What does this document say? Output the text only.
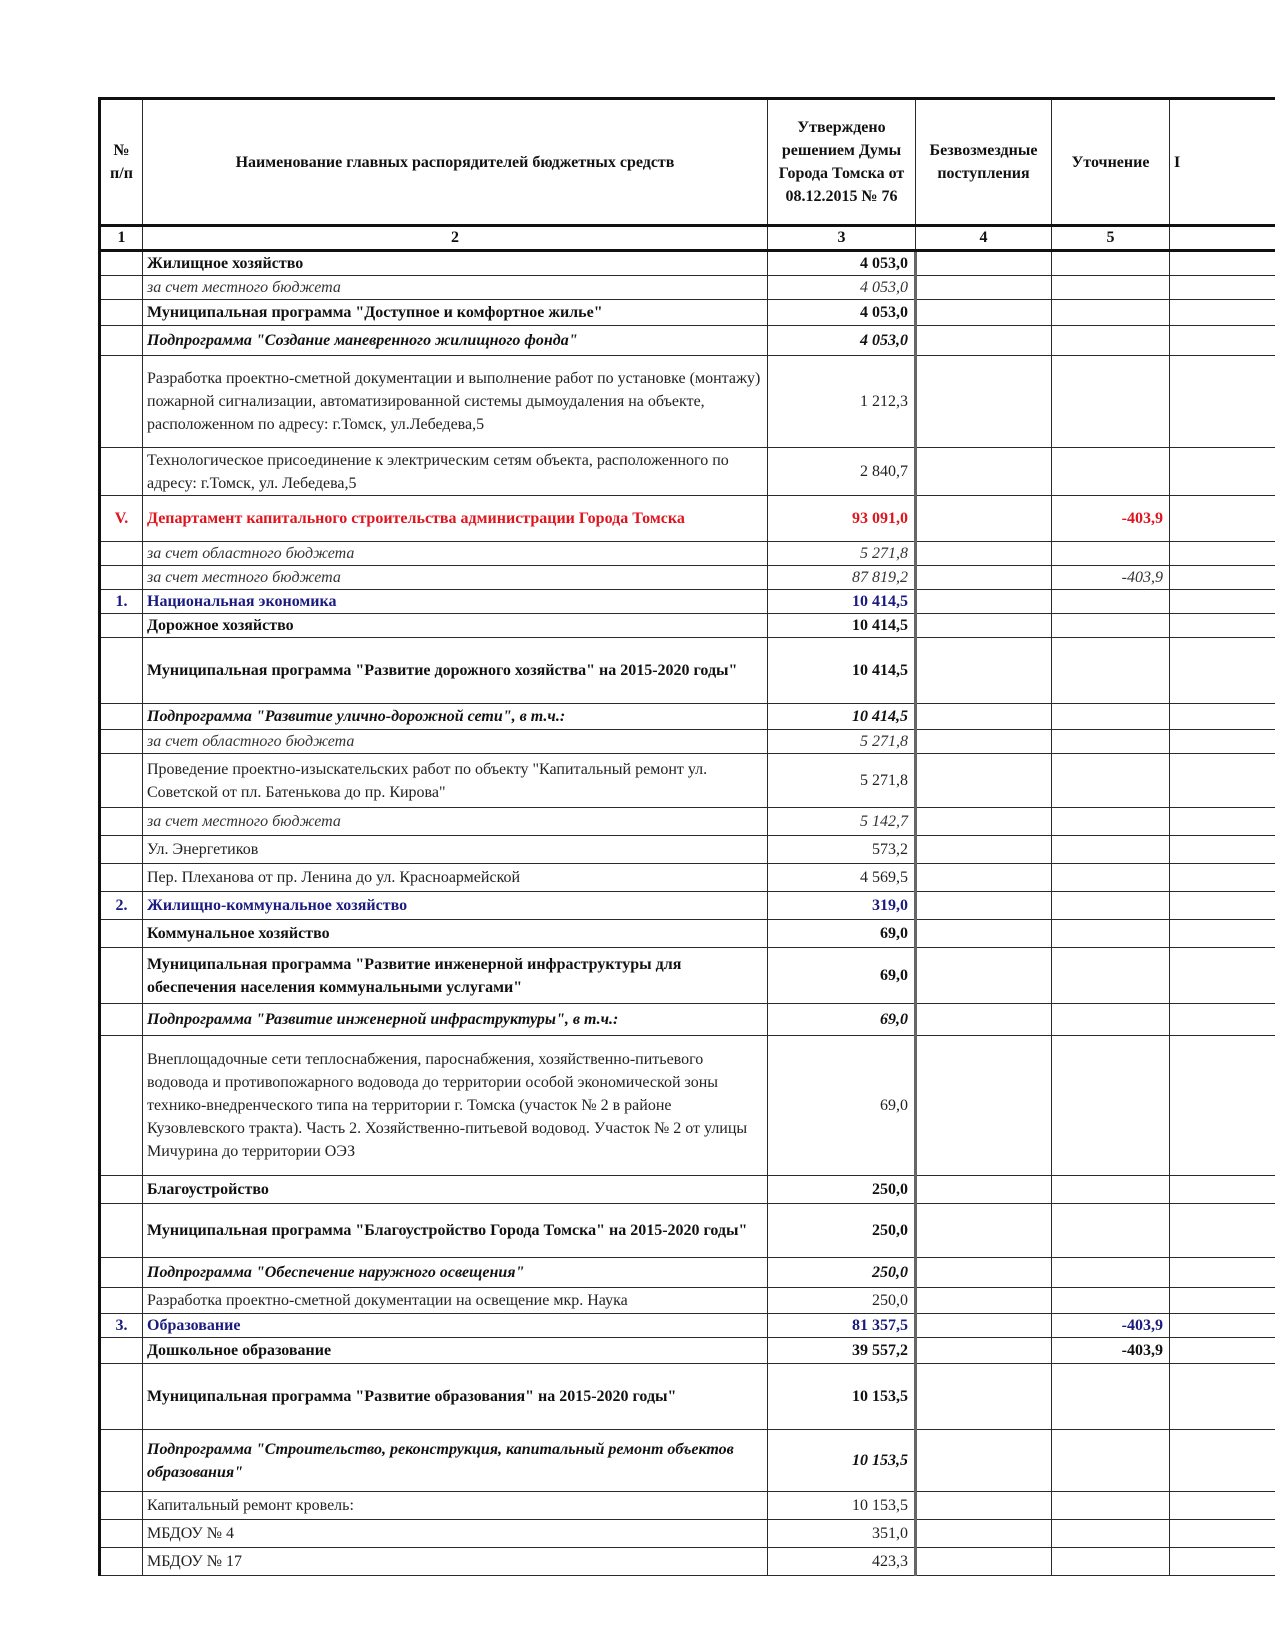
№ п/п	Наименование главных распорядителей бюджетных средств	Утверждено решением Думы Города Томска от 08.12.2015 № 76	Безвозмездные поступления	Уточнение	І
1	2	3	4	5	
	Жилищное хозяйство	4 053,0			
	за счет местного бюджета	4 053,0			
	Муниципальная программа "Доступное и комфортное жилье"	4 053,0			
	Подпрограмма "Создание маневренного жилищного фонда"	4 053,0			
	Разработка проектно-сметной документации и выполнение работ по установке (монтажу) пожарной сигнализации, автоматизированной системы дымоудаления на объекте, расположенном по адресу: г.Томск, ул.Лебедева,5	1 212,3			
	Технологическое присоединение к электрическим сетям объекта, расположенного по адресу: г.Томск, ул. Лебедева,5	2 840,7			
V.	Департамент капитального строительства администрации Города Томска	93 091,0		-403,9	
	за счет областного бюджета	5 271,8			
	за счет местного бюджета	87 819,2		-403,9	
1.	Национальная экономика	10 414,5			
	Дорожное хозяйство	10 414,5			
	Муниципальная программа "Развитие дорожного хозяйства" на 2015-2020 годы"	10 414,5			
	Подпрограмма "Развитие улично-дорожной сети", в т.ч.:	10 414,5			
	за счет областного бюджета	5 271,8			
	Проведение проектно-изыскательских работ по объекту "Капитальный ремонт ул. Советской от пл. Батенькова до пр. Кирова"	5 271,8			
	за счет местного бюджета	5 142,7			
	Ул. Энергетиков	573,2			
	Пер. Плеханова от пр. Ленина до ул. Красноармейской	4 569,5			
2.	Жилищно-коммунальное хозяйство	319,0			
	Коммунальное хозяйство	69,0			
	Муниципальная программа "Развитие инженерной инфраструктуры для обеспечения населения коммунальными услугами"	69,0			
	Подпрограмма "Развитие инженерной инфраструктуры", в т.ч.:	69,0			
	Внеплощадочные сети теплоснабжения, пароснабжения, хозяйственно-питьевого водовода и противопожарного водовода до территории особой экономической зоны технико-внедренческого типа на территории г. Томска (участок № 2 в районе Кузовлевского тракта). Часть 2. Хозяйственно-питьевой водовод. Участок № 2 от улицы Мичурина до территории ОЭЗ	69,0			
	Благоустройство	250,0			
	Муниципальная программа "Благоустройство Города Томска" на 2015-2020 годы"	250,0			
	Подпрограмма "Обеспечение наружного освещения"	250,0			
	Разработка проектно-сметной документации на освещение мкр. Наука	250,0			
3.	Образование	81 357,5		-403,9	
	Дошкольное образование	39 557,2		-403,9	
	Муниципальная программа "Развитие образования" на 2015-2020 годы"	10 153,5			
	Подпрограмма "Строительство, реконструкция, капитальный ремонт объектов образования"	10 153,5			
	Капитальный ремонт кровель:	10 153,5			
	МБДОУ № 4	351,0			
	МБДОУ № 17	423,3			
